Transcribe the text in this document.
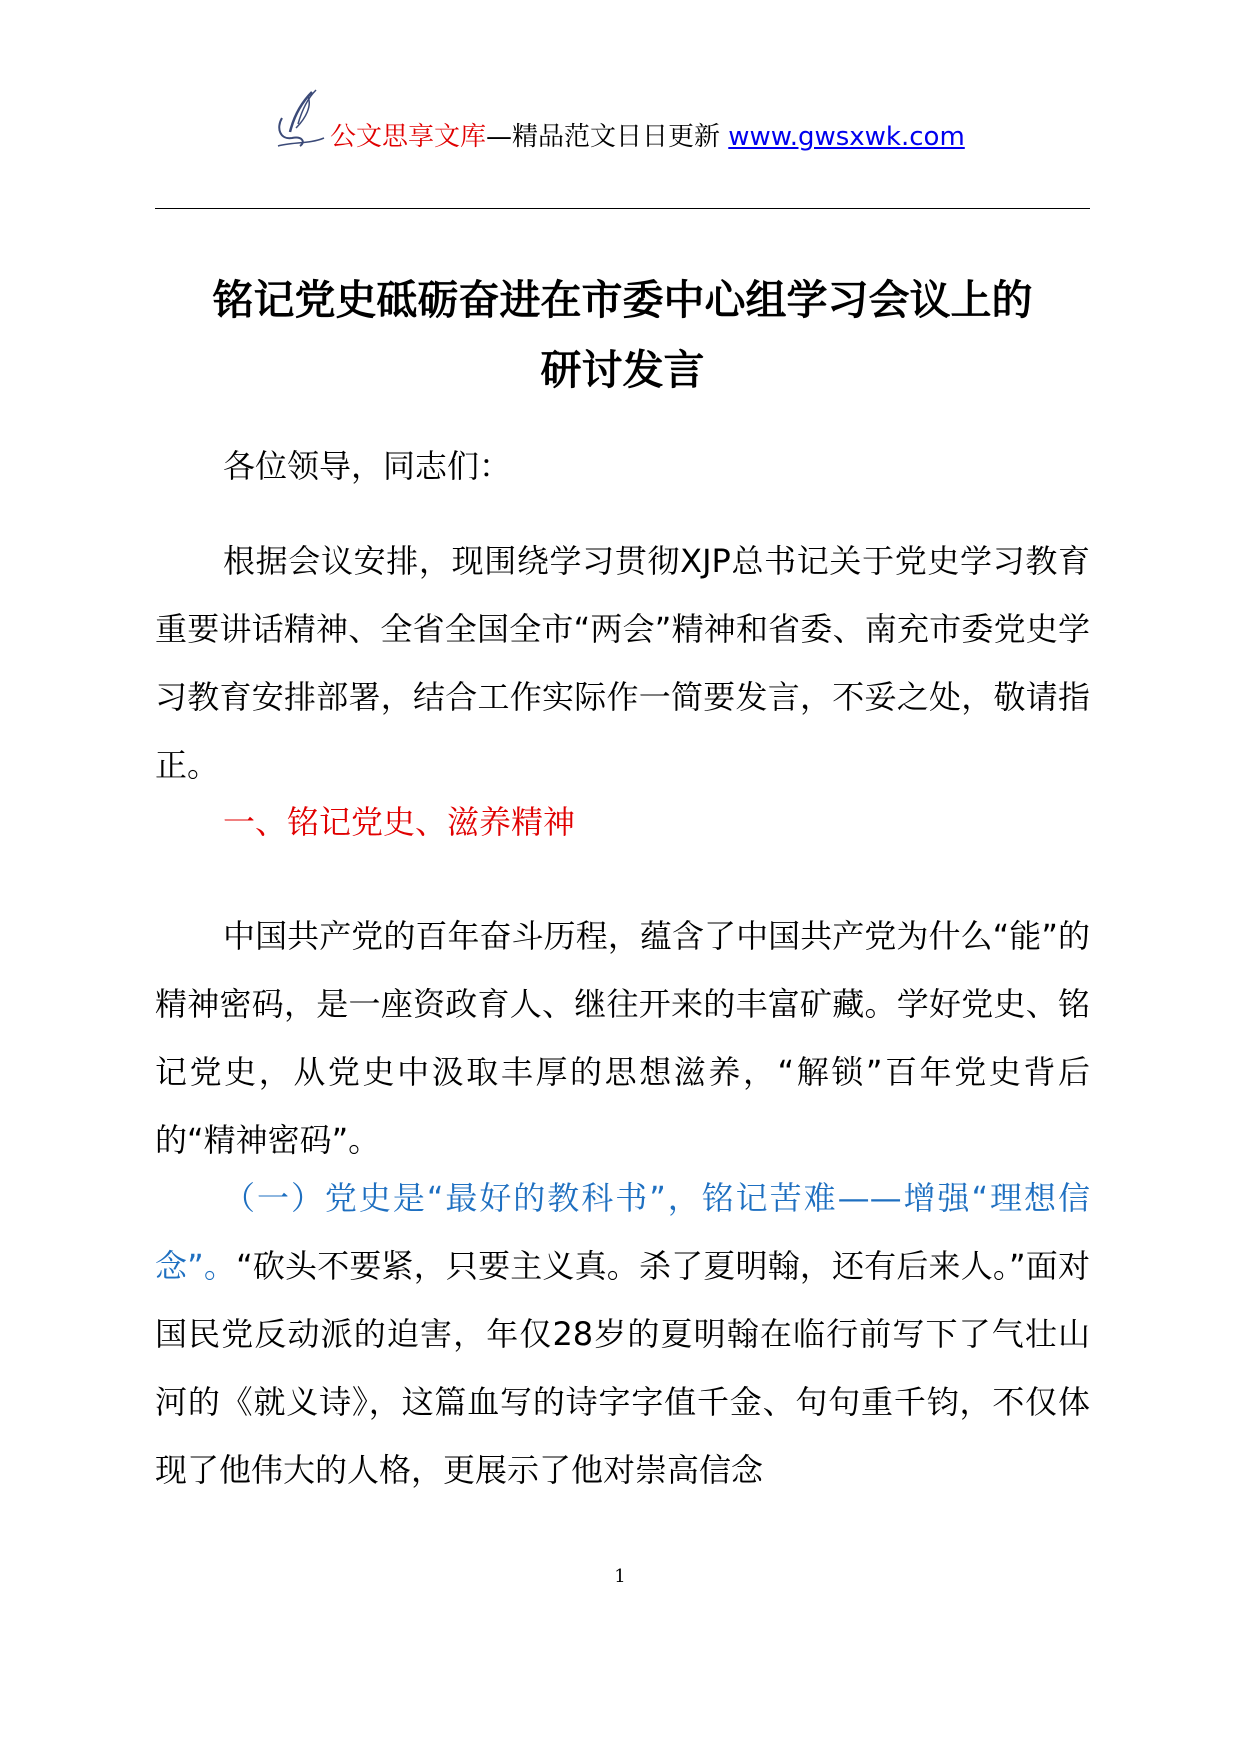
公文思享文库—精品范文日日更新 www.gwsxwk.com
铭记党史砥砺奋进在市委中心组学习会议上的
研讨发言
各位领导，同志们：
根据会议安排，现围绕学习贯彻XJP总书记关于党史学习教育重要讲话精神、全省全国全市“两会”精神和省委、南充市委党史学习教育安排部署，结合工作实际作一简要发言，不妥之处，敬请指正。
一、铭记党史、滋养精神
中国共产党的百年奋斗历程，蕴含了中国共产党为什么“能”的精神密码，是一座资政育人、继往开来的丰富矿藏。学好党史、铭记党史，从党史中汲取丰厚的思想滋养，“解锁”百年党史背后的“精神密码”。
（一）党史是“最好的教科书”，铭记苦难——增强“理想信念”。“砍头不要紧，只要主义真。杀了夏明翰，还有后来人。”面对国民党反动派的迫害，年仅28岁的夏明翰在临行前写下了气壮山河的《就义诗》，这篇血写的诗字字值千金、句句重千钧，不仅体现了他伟大的人格，更展示了他对崇高信念
1
